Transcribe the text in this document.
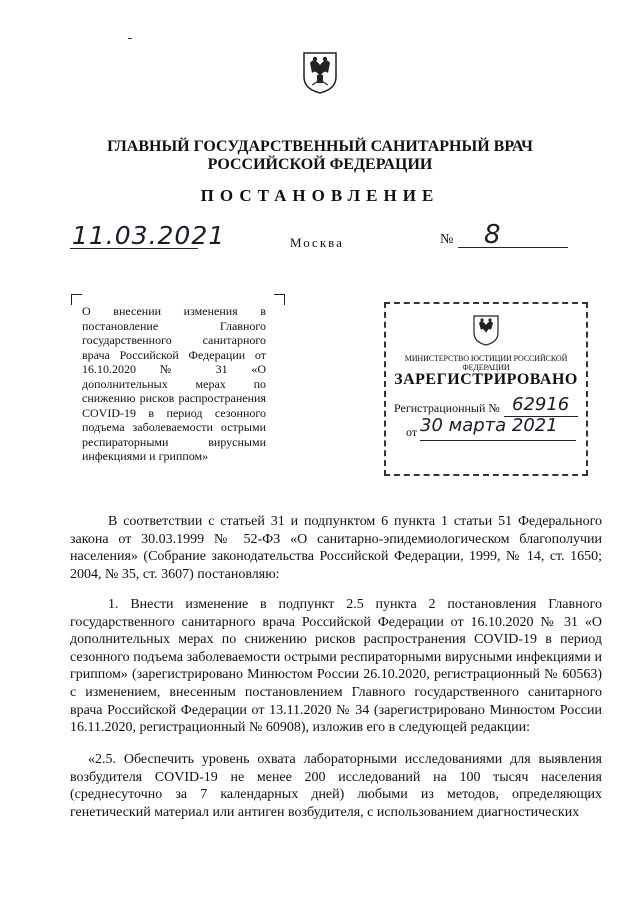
ГЛАВНЫЙ ГОСУДАРСТВЕННЫЙ САНИТАРНЫЙ ВРАЧ
РОССИЙСКОЙ ФЕДЕРАЦИИ
ПОСТАНОВЛЕНИЕ
11.03.2021	Москва	№ 8
О внесении изменения в постановление Главного государственного санитарного врача Российской Федерации от 16.10.2020 № 31 «О дополнительных мерах по снижению рисков распространения COVID-19 в период сезонного подъема заболеваемости острыми респираторными вирусными инфекциями и гриппом»
МИНИСТЕРСТВО ЮСТИЦИИ РОССИЙСКОЙ ФЕДЕРАЦИИ
ЗАРЕГИСТРИРОВАНО
Регистрационный № 62916
от 30 марта 2021
В соответствии с статьей 31 и подпунктом 6 пункта 1 статьи 51 Федерального закона от 30.03.1999 № 52-ФЗ «О санитарно-эпидемиологическом благополучии населения» (Собрание законодательства Российской Федерации, 1999, № 14, ст. 1650; 2004, № 35, ст. 3607) постановляю:
1. Внести изменение в подпункт 2.5 пункта 2 постановления Главного государственного санитарного врача Российской Федерации от 16.10.2020 № 31 «О дополнительных мерах по снижению рисков распространения COVID-19 в период сезонного подъема заболеваемости острыми респираторными вирусными инфекциями и гриппом» (зарегистрировано Минюстом России 26.10.2020, регистрационный № 60563) с изменением, внесенным постановлением Главного государственного санитарного врача Российской Федерации от 13.11.2020 № 34 (зарегистрировано Минюстом России 16.11.2020, регистрационный № 60908), изложив его в следующей редакции:
«2.5. Обеспечить уровень охвата лабораторными исследованиями для выявления возбудителя COVID-19 не менее 200 исследований на 100 тысяч населения (среднесуточно за 7 календарных дней) любыми из методов, определяющих генетический материал или антиген возбудителя, с использованием диагностических
